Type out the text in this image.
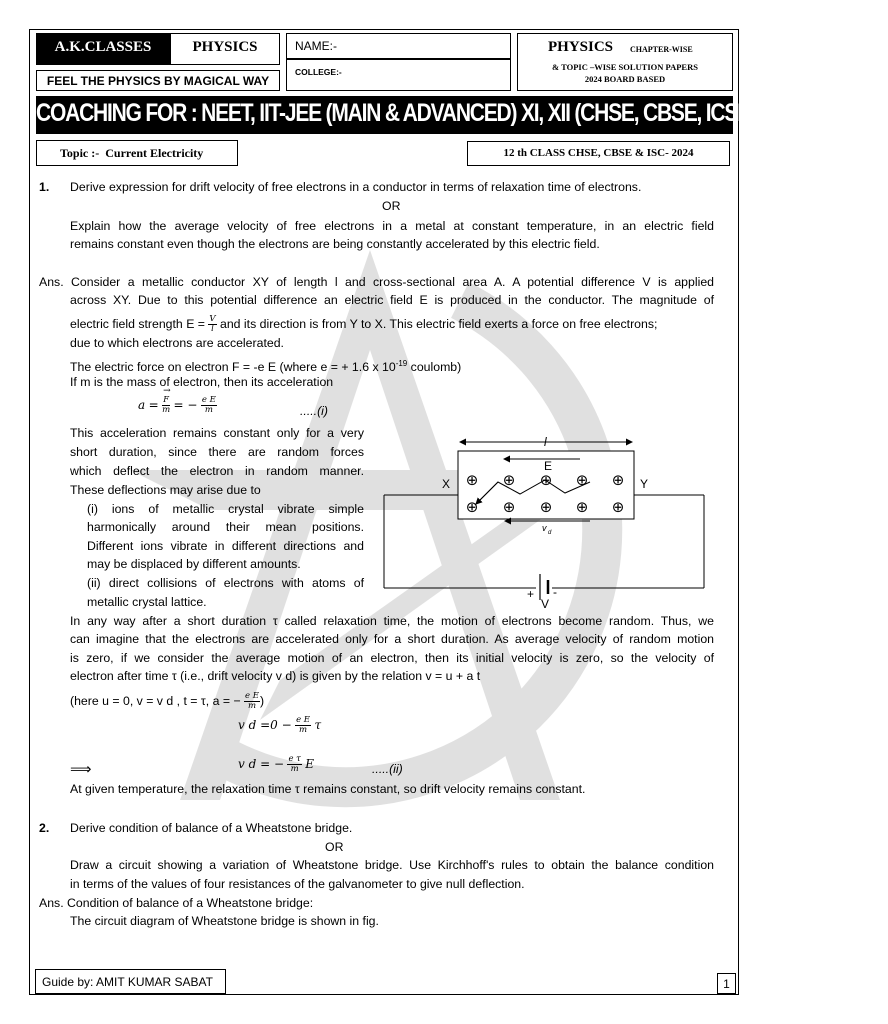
A.K.CLASSES	PHYSICS
FEEL THE PHYSICS BY MAGICAL WAY
NAME:-
COLLEGE:-
PHYSICS CHAPTER-WISE
& TOPIC –WISE SOLUTION PAPERS
2024 BOARD BASED
COACHING FOR : NEET, IIT-JEE (MAIN & ADVANCED) XI, XII (CHSE, CBSE, ICSE), INTEGRATED
Topic :-  Current Electricity	12 th CLASS CHSE, CBSE & ISC- 2024
1. Derive expression for drift velocity of free electrons in a conductor in terms of relaxation time of electrons.
OR
Explain how the average velocity of free electrons in a metal at constant temperature, in an electric field
remains constant even though the electrons are being constantly accelerated by this electric field.
Ans. Consider a metallic conductor XY of length l and cross-sectional area A. A potential difference V is applied
across XY. Due to this potential difference an electric field E is produced in the conductor. The magnitude of
electric field strength $E = \frac{V}{l}$ and its direction is from Y to X. This electric field exerts a force on free electrons;
due to which electrons are accelerated.
The electric force on electron F = -e E (where e = + 1.6 x $10^{-19}$ coulomb)
If m is the mass of electron, then its acceleration
a =
→ $\frac{F}{m}$ = − $\frac{\text{e E}}{m}$	.....(i)
This acceleration remains constant only for a very
short duration, since there are random forces
which deflect the electron in random manner.
These deflections may arise due to
(i) ions of metallic crystal vibrate simple
harmonically around their mean positions.
Different ions vibrate in different directions and
may be displaced by different amounts.
(ii) direct collisions of electrons with atoms of
metallic crystal lattice.
⊕ ⊕ ⊕ ⊕ ⊕
⊕ ⊕ ⊕ ⊕ ⊕
l
E
X	Y
v d
+ -
V
In any way after a short duration τ called relaxation time, the motion of electrons become random. Thus, we
can imagine that the electrons are accelerated only for a short duration. As average velocity of random motion
is zero, if we consider the average motion of an electron, then its initial velocity is zero, so the velocity of
electron after time τ (i.e., drift velocity v d) is given by the relation v = u + a t
(here u = 0, v = v d , t = τ, a = − $\frac{\text{e E}}{m}$ )
v $d =0 - \frac{\text{e E}}{m}$ τ
⟹	v d = − $\frac{\text{e τ}}{m}$ E	.....(ii)
At given temperature, the relaxation time τ remains constant, so drift velocity remains constant.
2. Derive condition of balance of a Wheatstone bridge.
OR
Draw a circuit showing a variation of Wheatstone bridge. Use Kirchhoff's rules to obtain the balance condition
in terms of the values of four resistances of the galvanometer to give null deflection.
Ans. Condition of balance of a Wheatstone bridge:
The circuit diagram of Wheatstone bridge is shown in fig.
Guide by: AMIT KUMAR SABAT	1
